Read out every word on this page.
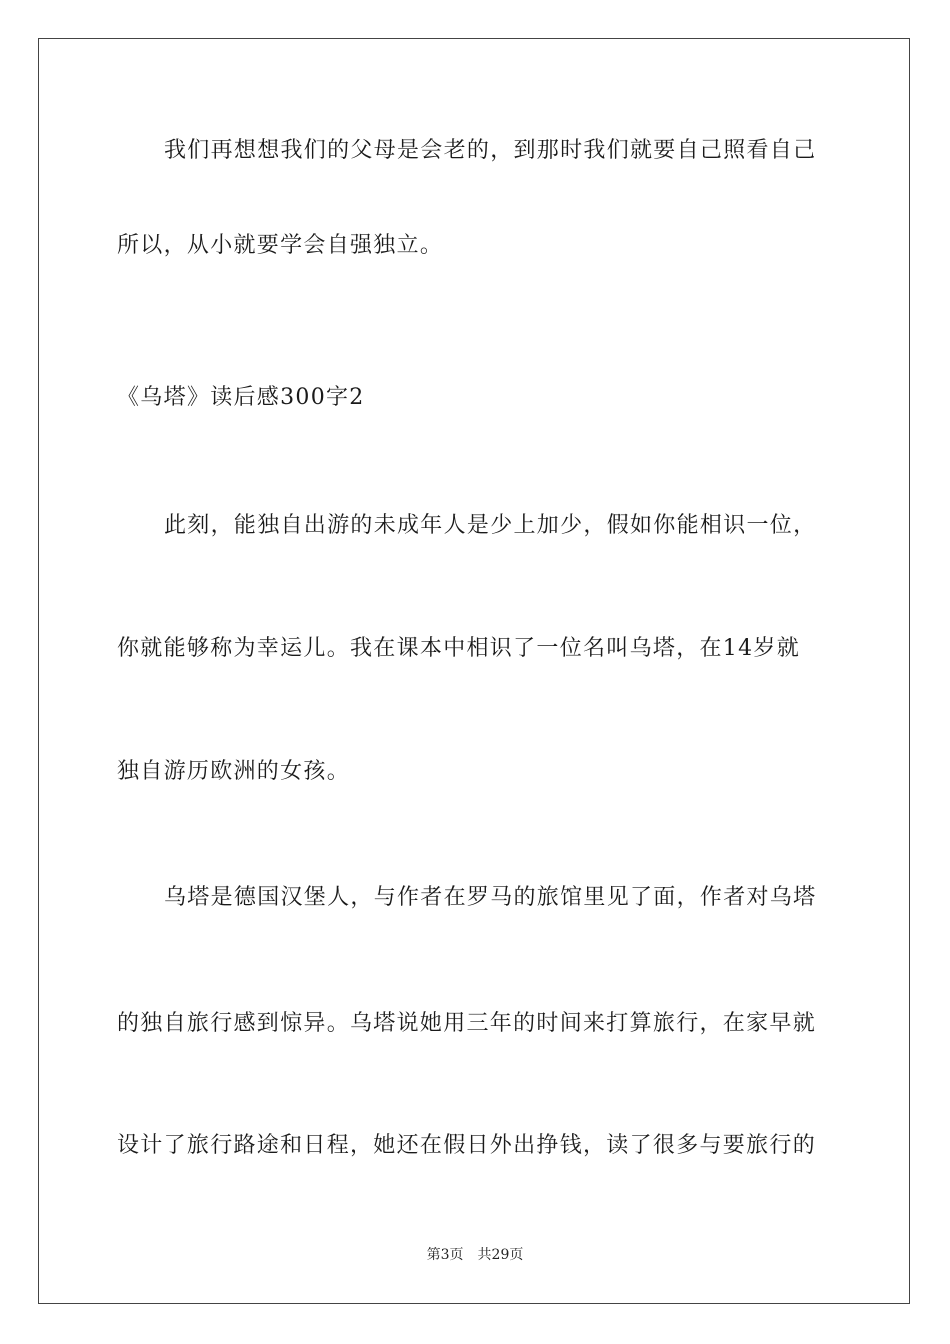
我们再想想我们的父母是会老的，到那时我们就要自己照看自己
所以，从小就要学会自强独立。
《乌塔》读后感300字2
此刻，能独自出游的未成年人是少上加少，假如你能相识一位，
你就能够称为幸运儿。我在课本中相识了一位名叫乌塔，在14岁就
独自游历欧洲的女孩。
乌塔是德国汉堡人，与作者在罗马的旅馆里见了面，作者对乌塔
的独自旅行感到惊异。乌塔说她用三年的时间来打算旅行，在家早就
设计了旅行路途和日程，她还在假日外出挣钱，读了很多与要旅行的
第3页 共29页
